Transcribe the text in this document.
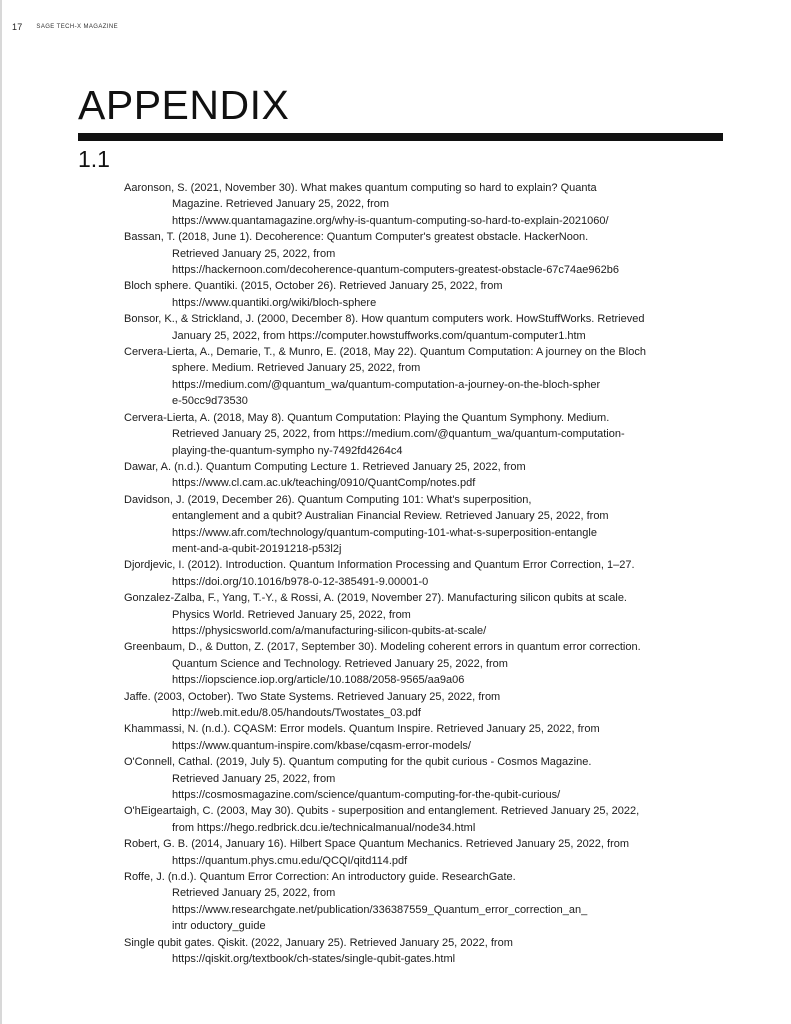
17 SAGE TECH-X MAGAZINE
APPENDIX
1.1
Aaronson, S. (2021, November 30). What makes quantum computing so hard to explain? Quanta
Magazine. Retrieved January 25, 2022, from
https://www.quantamagazine.org/why-is-quantum-computing-so-hard-to-explain-2021060/
Bassan, T. (2018, June 1). Decoherence: Quantum Computer's greatest obstacle. HackerNoon.
Retrieved January 25, 2022, from
https://hackernoon.com/decoherence-quantum-computers-greatest-obstacle-67c74ae962b6
Bloch sphere. Quantiki. (2015, October 26). Retrieved January 25, 2022, from
https://www.quantiki.org/wiki/bloch-sphere
Bonsor, K., & Strickland, J. (2000, December 8). How quantum computers work. HowStuffWorks. Retrieved
January 25, 2022, from https://computer.howstuffworks.com/quantum-computer1.htm
Cervera-Lierta, A., Demarie, T., & Munro, E. (2018, May 22). Quantum Computation: A journey on the Bloch
sphere. Medium. Retrieved January 25, 2022, from
https://medium.com/@quantum_wa/quantum-computation-a-journey-on-the-bloch-spher
e-50cc9d73530
Cervera-Lierta, A. (2018, May 8). Quantum Computation: Playing the Quantum Symphony. Medium.
Retrieved January 25, 2022, from https://medium.com/@quantum_wa/quantum-computation-
playing-the-quantum-sympho ny-7492fd4264c4
Dawar, A. (n.d.). Quantum Computing Lecture 1. Retrieved January 25, 2022, from
https://www.cl.cam.ac.uk/teaching/0910/QuantComp/notes.pdf
Davidson, J. (2019, December 26). Quantum Computing 101: What's superposition,
entanglement and a qubit? Australian Financial Review. Retrieved January 25, 2022, from
https://www.afr.com/technology/quantum-computing-101-what-s-superposition-entangle
ment-and-a-qubit-20191218-p53l2j
Djordjevic, I. (2012). Introduction. Quantum Information Processing and Quantum Error Correction, 1–27.
https://doi.org/10.1016/b978-0-12-385491-9.00001-0
Gonzalez-Zalba, F., Yang, T.-Y., & Rossi, A. (2019, November 27). Manufacturing silicon qubits at scale.
Physics World. Retrieved January 25, 2022, from
https://physicsworld.com/a/manufacturing-silicon-qubits-at-scale/
Greenbaum, D., & Dutton, Z. (2017, September 30). Modeling coherent errors in quantum error correction.
Quantum Science and Technology. Retrieved January 25, 2022, from
https://iopscience.iop.org/article/10.1088/2058-9565/aa9a06
Jaffe. (2003, October). Two State Systems. Retrieved January 25, 2022, from
http://web.mit.edu/8.05/handouts/Twostates_03.pdf
Khammassi, N. (n.d.). CQASM: Error models. Quantum Inspire. Retrieved January 25, 2022, from
https://www.quantum-inspire.com/kbase/cqasm-error-models/
O'Connell, Cathal. (2019, July 5). Quantum computing for the qubit curious - Cosmos Magazine.
Retrieved January 25, 2022, from
https://cosmosmagazine.com/science/quantum-computing-for-the-qubit-curious/
O'hEigeartaigh, C. (2003, May 30). Qubits - superposition and entanglement. Retrieved January 25, 2022,
from https://hego.redbrick.dcu.ie/technicalmanual/node34.html
Robert, G. B. (2014, January 16). Hilbert Space Quantum Mechanics. Retrieved January 25, 2022, from
https://quantum.phys.cmu.edu/QCQI/qitd114.pdf
Roffe, J. (n.d.). Quantum Error Correction: An introductory guide. ResearchGate.
Retrieved January 25, 2022, from
https://www.researchgate.net/publication/336387559_Quantum_error_correction_an_
intr oductory_guide
Single qubit gates. Qiskit. (2022, January 25). Retrieved January 25, 2022, from
https://qiskit.org/textbook/ch-states/single-qubit-gates.html
